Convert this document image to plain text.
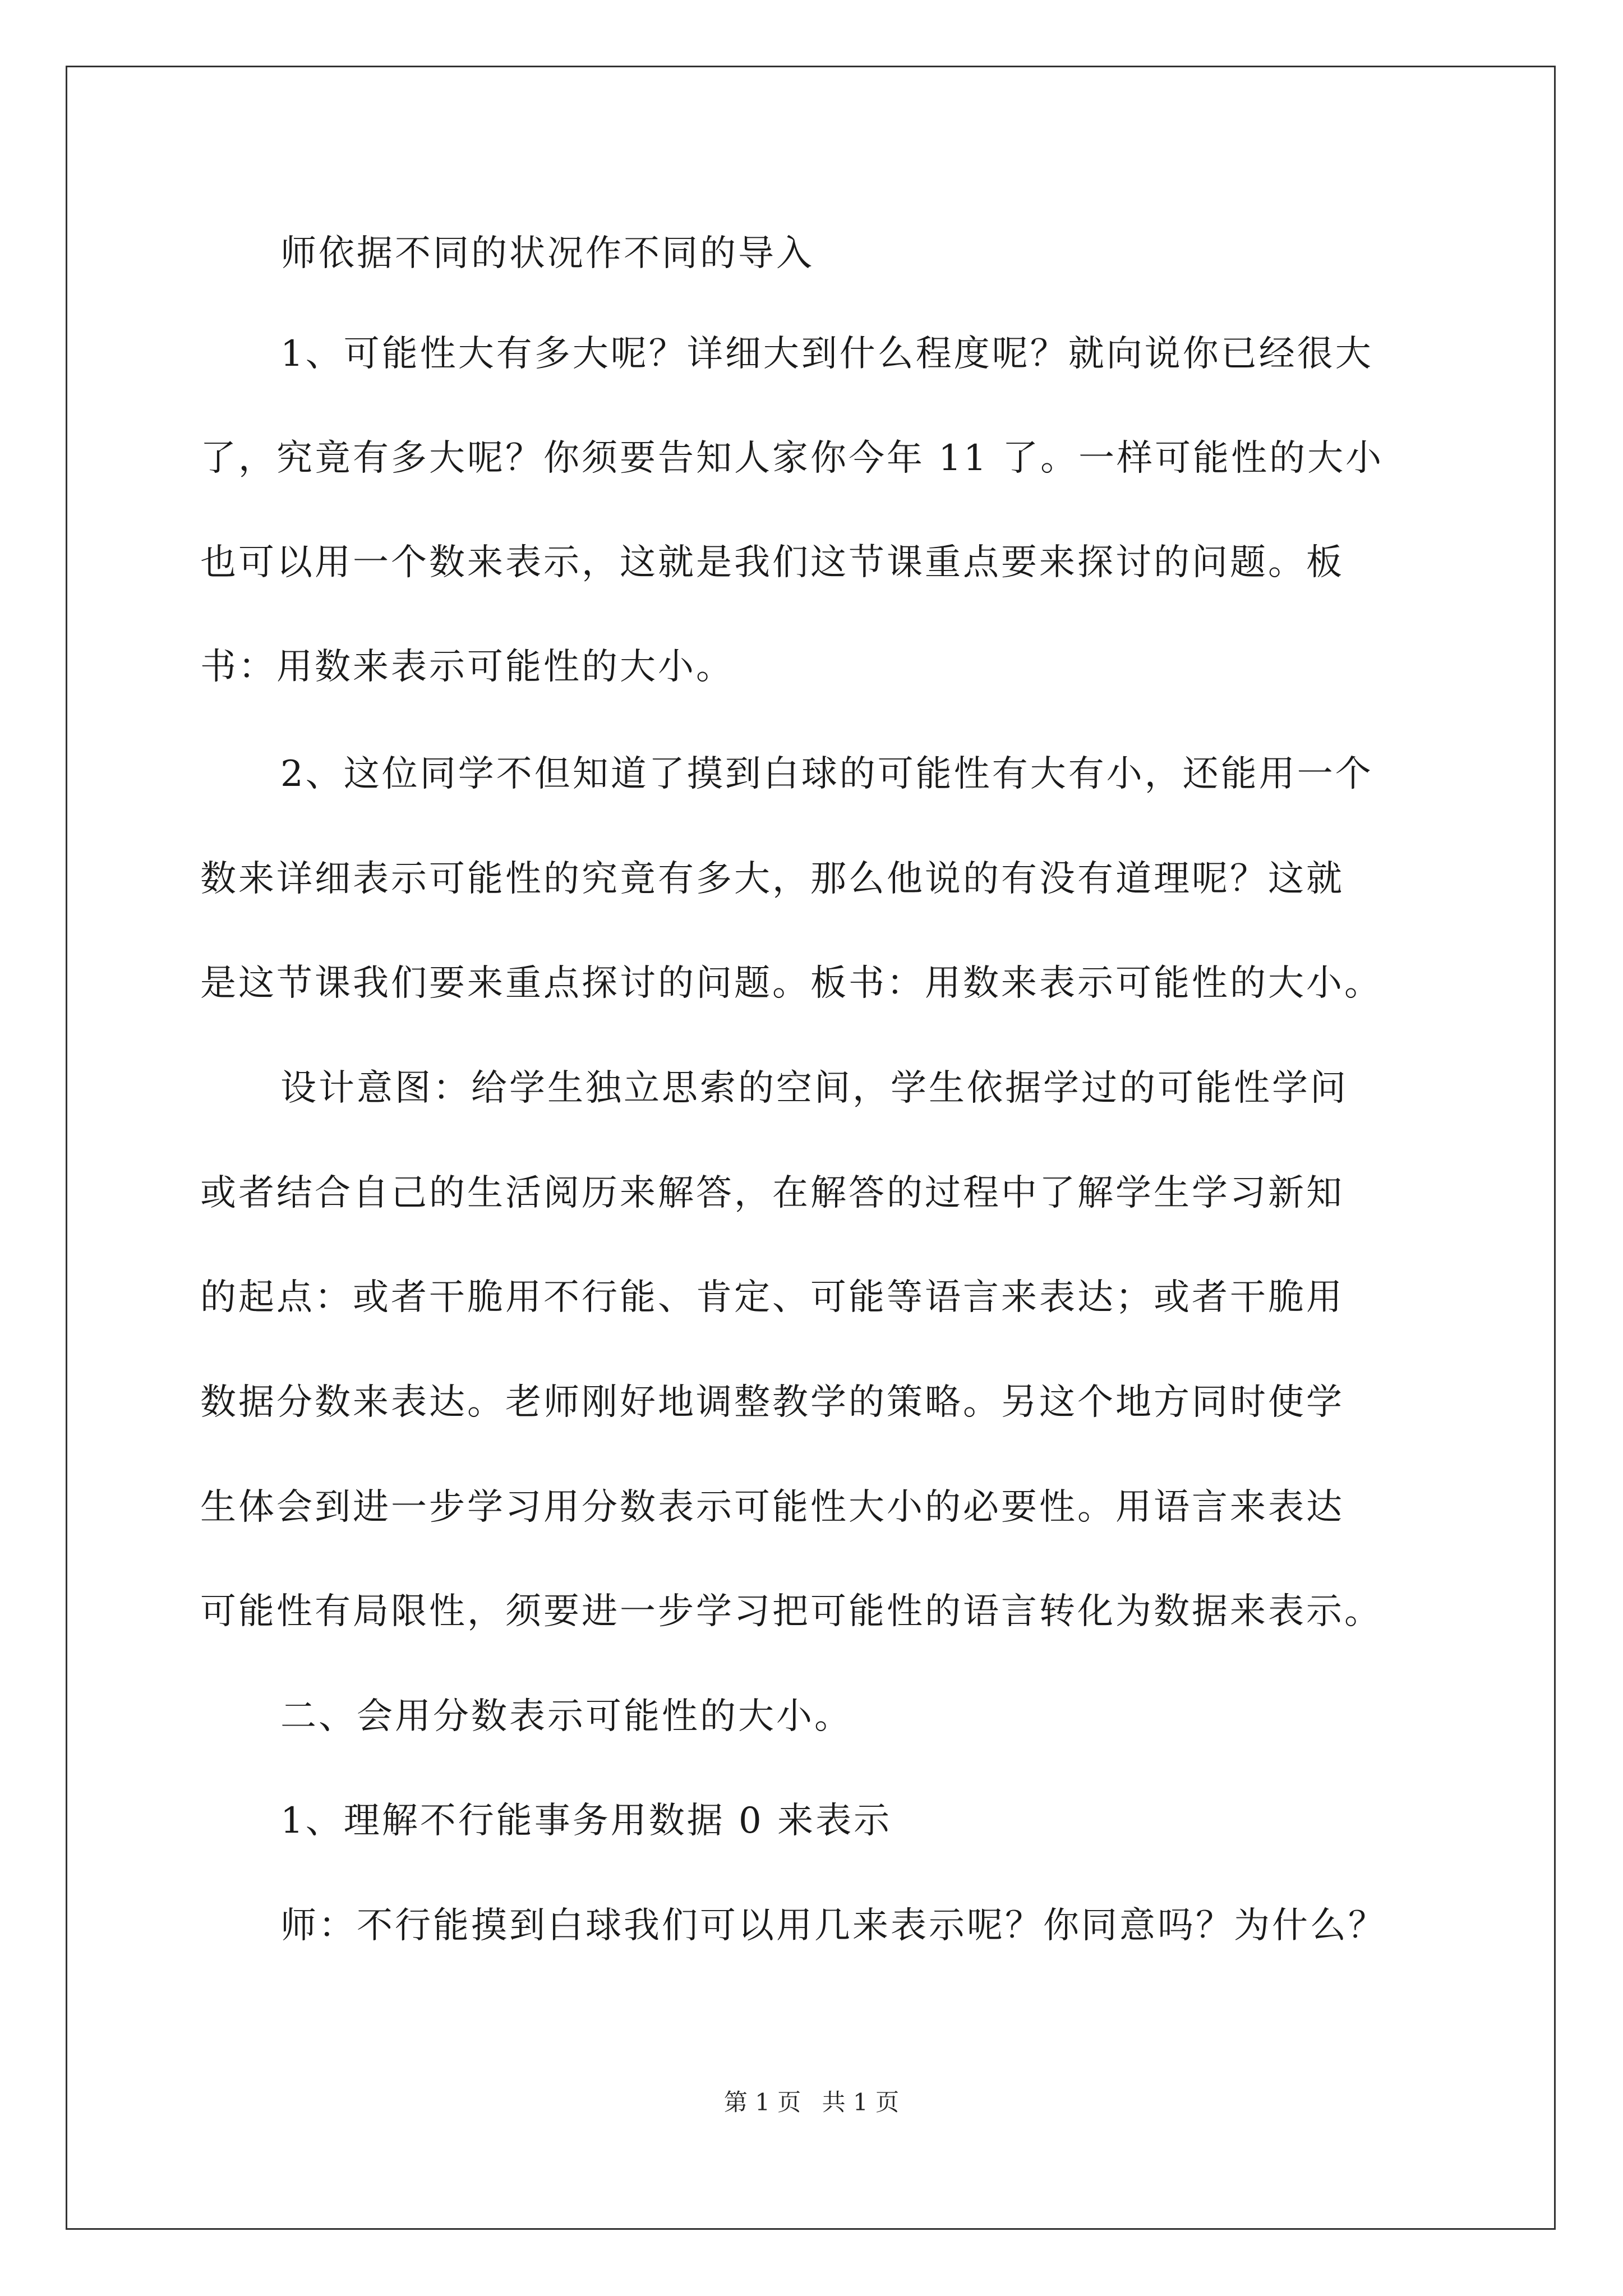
师依据不同的状况作不同的导入

1、可能性大有多大呢？详细大到什么程度呢？就向说你已经很大

了，究竟有多大呢？你须要告知人家你今年 11 了。一样可能性的大小

也可以用一个数来表示，这就是我们这节课重点要来探讨的问题。板

书：用数来表示可能性的大小。

2、这位同学不但知道了摸到白球的可能性有大有小，还能用一个

数来详细表示可能性的究竟有多大，那么他说的有没有道理呢？这就

是这节课我们要来重点探讨的问题。板书：用数来表示可能性的大小。

设计意图：给学生独立思索的空间，学生依据学过的可能性学问

或者结合自己的生活阅历来解答，在解答的过程中了解学生学习新知

的起点：或者干脆用不行能、肯定、可能等语言来表达；或者干脆用

数据分数来表达。老师刚好地调整教学的策略。另这个地方同时使学

生体会到进一步学习用分数表示可能性大小的必要性。用语言来表达

可能性有局限性，须要进一步学习把可能性的语言转化为数据来表示。

二、会用分数表示可能性的大小。

1、理解不行能事务用数据 0 来表示

师：不行能摸到白球我们可以用几来表示呢？你同意吗？为什么？

第 1 页 共 1 页
